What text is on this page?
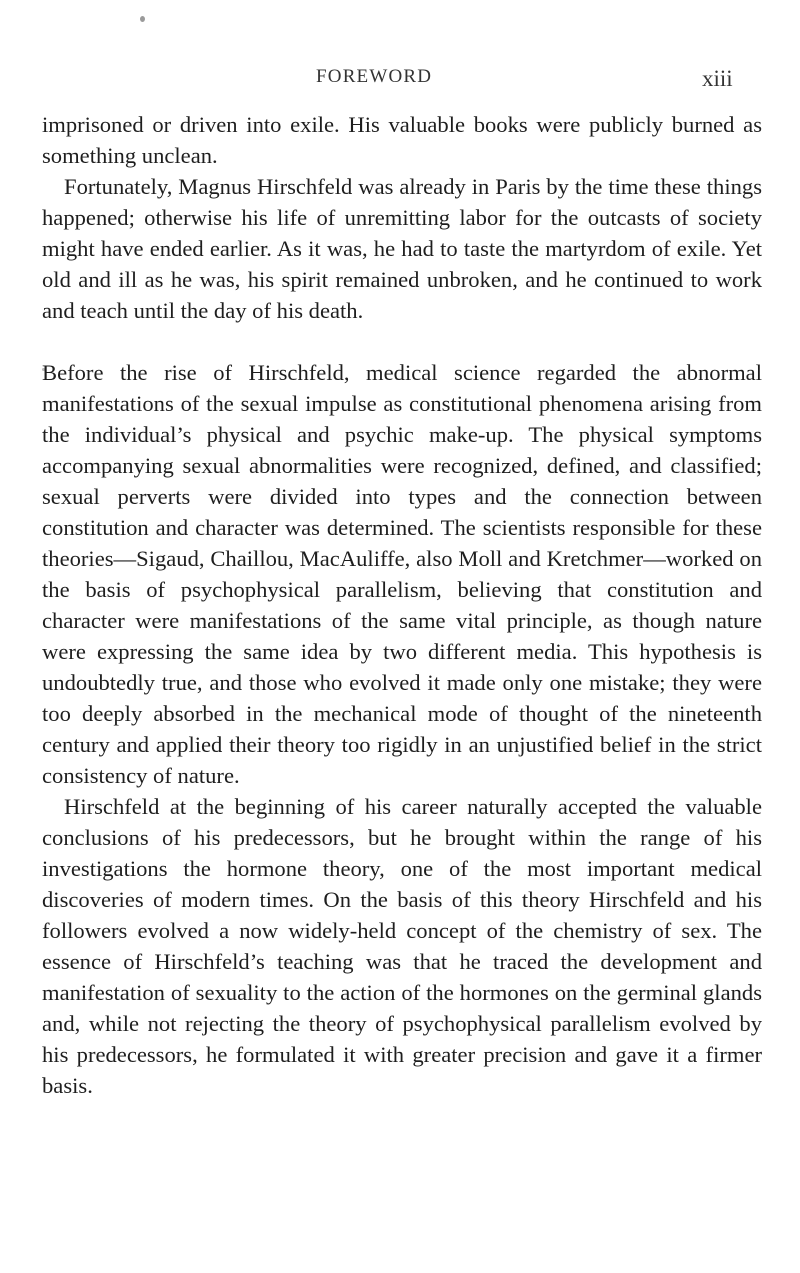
FOREWORD	xiii

imprisoned or driven into exile. His valuable books were publicly burned as something unclean.

Fortunately, Magnus Hirschfeld was already in Paris by the time these things happened; otherwise his life of unremitting labor for the outcasts of society might have ended earlier. As it was, he had to taste the martyrdom of exile. Yet old and ill as he was, his spirit remained unbroken, and he continued to work and teach until the day of his death.

Before the rise of Hirschfeld, medical science regarded the abnormal manifestations of the sexual impulse as constitutional phenomena arising from the individual’s physical and psychic make-up. The physical symptoms accompanying sexual abnormalities were recognized, defined, and classified; sexual perverts were divided into types and the connection between constitution and character was determined. The scientists responsible for these theories—Sigaud, Chaillou, MacAuliffe, also Moll and Kretchmer—worked on the basis of psychophysical parallelism, believing that constitution and character were manifestations of the same vital principle, as though nature were expressing the same idea by two different media. This hypothesis is undoubtedly true, and those who evolved it made only one mistake; they were too deeply absorbed in the mechanical mode of thought of the nineteenth century and applied their theory too rigidly in an unjustified belief in the strict consistency of nature.

Hirschfeld at the beginning of his career naturally accepted the valuable conclusions of his predecessors, but he brought within the range of his investigations the hormone theory, one of the most important medical discoveries of modern times. On the basis of this theory Hirschfeld and his followers evolved a now widely-held concept of the chemistry of sex. The essence of Hirschfeld’s teaching was that he traced the development and manifestation of sexuality to the action of the hormones on the germinal glands and, while not rejecting the theory of psychophysical parallelism evolved by his predecessors, he formulated it with greater precision and gave it a firmer basis.
